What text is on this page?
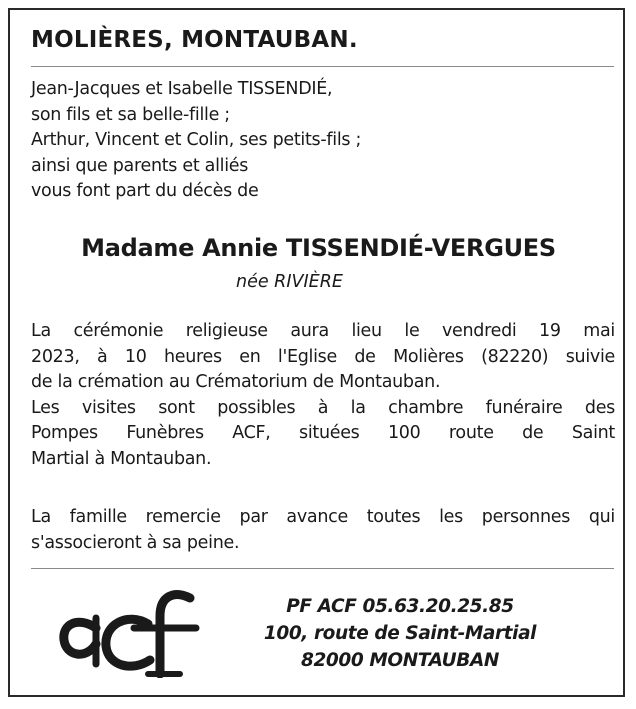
MOLIÈRES, MONTAUBAN.
Jean-Jacques et Isabelle TISSENDIÉ,
son fils et sa belle-fille ;
Arthur, Vincent et Colin, ses petits-fils ;
ainsi que parents et alliés
vous font part du décès de
Madame Annie TISSENDIÉ-VERGUES
née RIVIÈRE
La cérémonie religieuse aura lieu le vendredi 19 mai
2023, à 10 heures en l'Eglise de Molières (82220) suivie
de la crémation au Crématorium de Montauban.
Les visites sont possibles à la chambre funéraire des
Pompes Funèbres ACF, situées 100 route de Saint
Martial à Montauban.
La famille remercie par avance toutes les personnes qui
s'associeront à sa peine.
PF ACF 05.63.20.25.85
100, route de Saint-Martial
82000 MONTAUBAN
